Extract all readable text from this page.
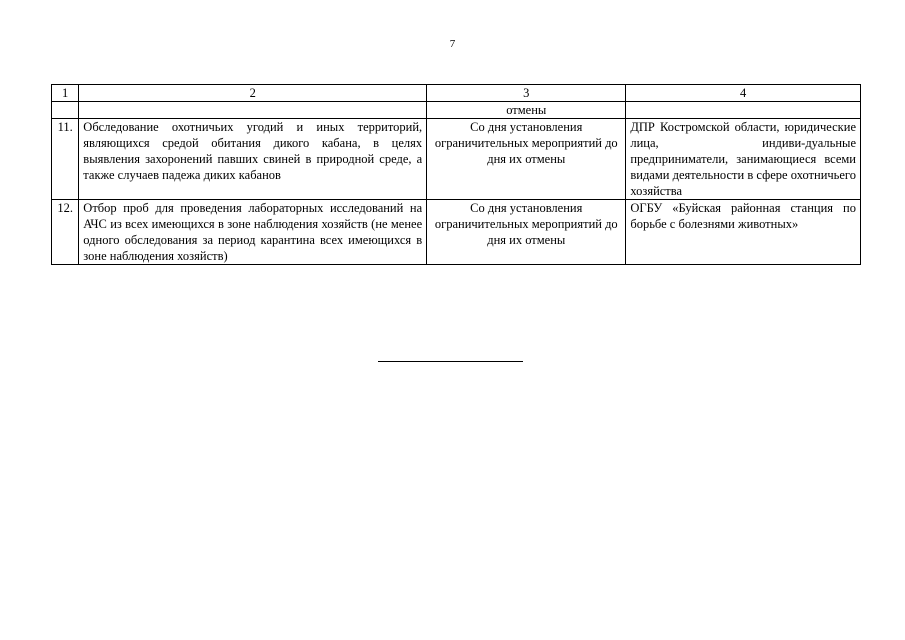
7
1	2	3	4
		отмены	
11.	Обследование охотничьих угодий и иных территорий, являющихся средой обитания дикого кабана, в целях выявления захоронений павших свиней в природной среде, а также случаев падежа диких кабанов	Со дня установления ограничительных мероприятий до дня их отмены	ДПР Костромской области, юридические лица, индиви-дуальные предприниматели, занимающиеся всеми видами деятельности в сфере охотничьего хозяйства
12.	Отбор проб для проведения лабораторных исследований на АЧС из всех имеющихся в зоне наблюдения хозяйств (не менее одного обследования за период карантина всех имеющихся в зоне наблюдения хозяйств)	Со дня установления ограничительных мероприятий до дня их отмены	ОГБУ «Буйская районная станция по борьбе с болезнями животных»
